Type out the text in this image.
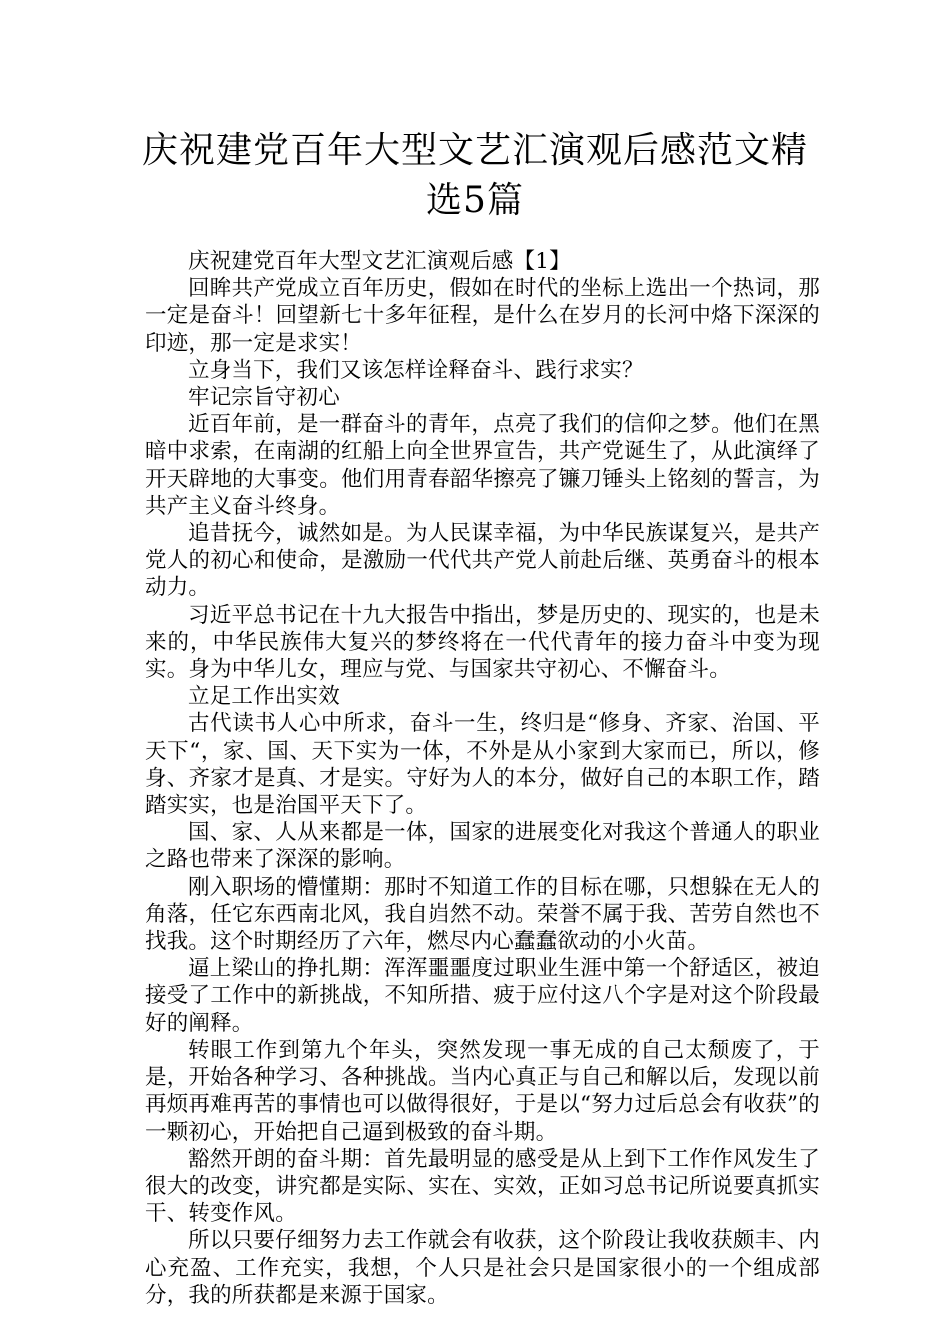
庆祝建党百年大型文艺汇演观后感范文精
选5篇

庆祝建党百年大型文艺汇演观后感【1】

回眸共产党成立百年历史，假如在时代的坐标上选出一个热词，那一定是奋斗！回望新七十多年征程，是什么在岁月的长河中烙下深深的印迹，那一定是求实！

立身当下，我们又该怎样诠释奋斗、践行求实？

牢记宗旨守初心

近百年前，是一群奋斗的青年，点亮了我们的信仰之梦。他们在黑暗中求索，在南湖的红船上向全世界宣告，共产党诞生了，从此演绎了开天辟地的大事变。他们用青春韶华擦亮了镰刀锤头上铭刻的誓言，为共产主义奋斗终身。

追昔抚今，诚然如是。为人民谋幸福，为中华民族谋复兴，是共产党人的初心和使命，是激励一代代共产党人前赴后继、英勇奋斗的根本动力。

习近平总书记在十九大报告中指出，梦是历史的、现实的，也是未来的，中华民族伟大复兴的梦终将在一代代青年的接力奋斗中变为现实。身为中华儿女，理应与党、与国家共守初心、不懈奋斗。

立足工作出实效

古代读书人心中所求，奋斗一生，终归是“修身、齐家、治国、平天下“，家、国、天下实为一体，不外是从小家到大家而已，所以，修身、齐家才是真、才是实。守好为人的本分，做好自己的本职工作，踏踏实实，也是治国平天下了。

国、家、人从来都是一体，国家的进展变化对我这个普通人的职业之路也带来了深深的影响。

刚入职场的懵懂期：那时不知道工作的目标在哪，只想躲在无人的角落，任它东西南北风，我自岿然不动。荣誉不属于我、苦劳自然也不找我。这个时期经历了六年，燃尽内心蠢蠢欲动的小火苗。

逼上梁山的挣扎期：浑浑噩噩度过职业生涯中第一个舒适区，被迫接受了工作中的新挑战，不知所措、疲于应付这八个字是对这个阶段最好的阐释。

转眼工作到第九个年头，突然发现一事无成的自己太颓废了，于是，开始各种学习、各种挑战。当内心真正与自己和解以后，发现以前再烦再难再苦的事情也可以做得很好，于是以“努力过后总会有收获”的一颗初心，开始把自己逼到极致的奋斗期。

豁然开朗的奋斗期：首先最明显的感受是从上到下工作作风发生了很大的改变，讲究都是实际、实在、实效，正如习总书记所说要真抓实干、转变作风。

所以只要仔细努力去工作就会有收获，这个阶段让我收获颇丰、内心充盈、工作充实，我想，个人只是社会只是国家很小的一个组成部分，我的所获都是来源于国家。
